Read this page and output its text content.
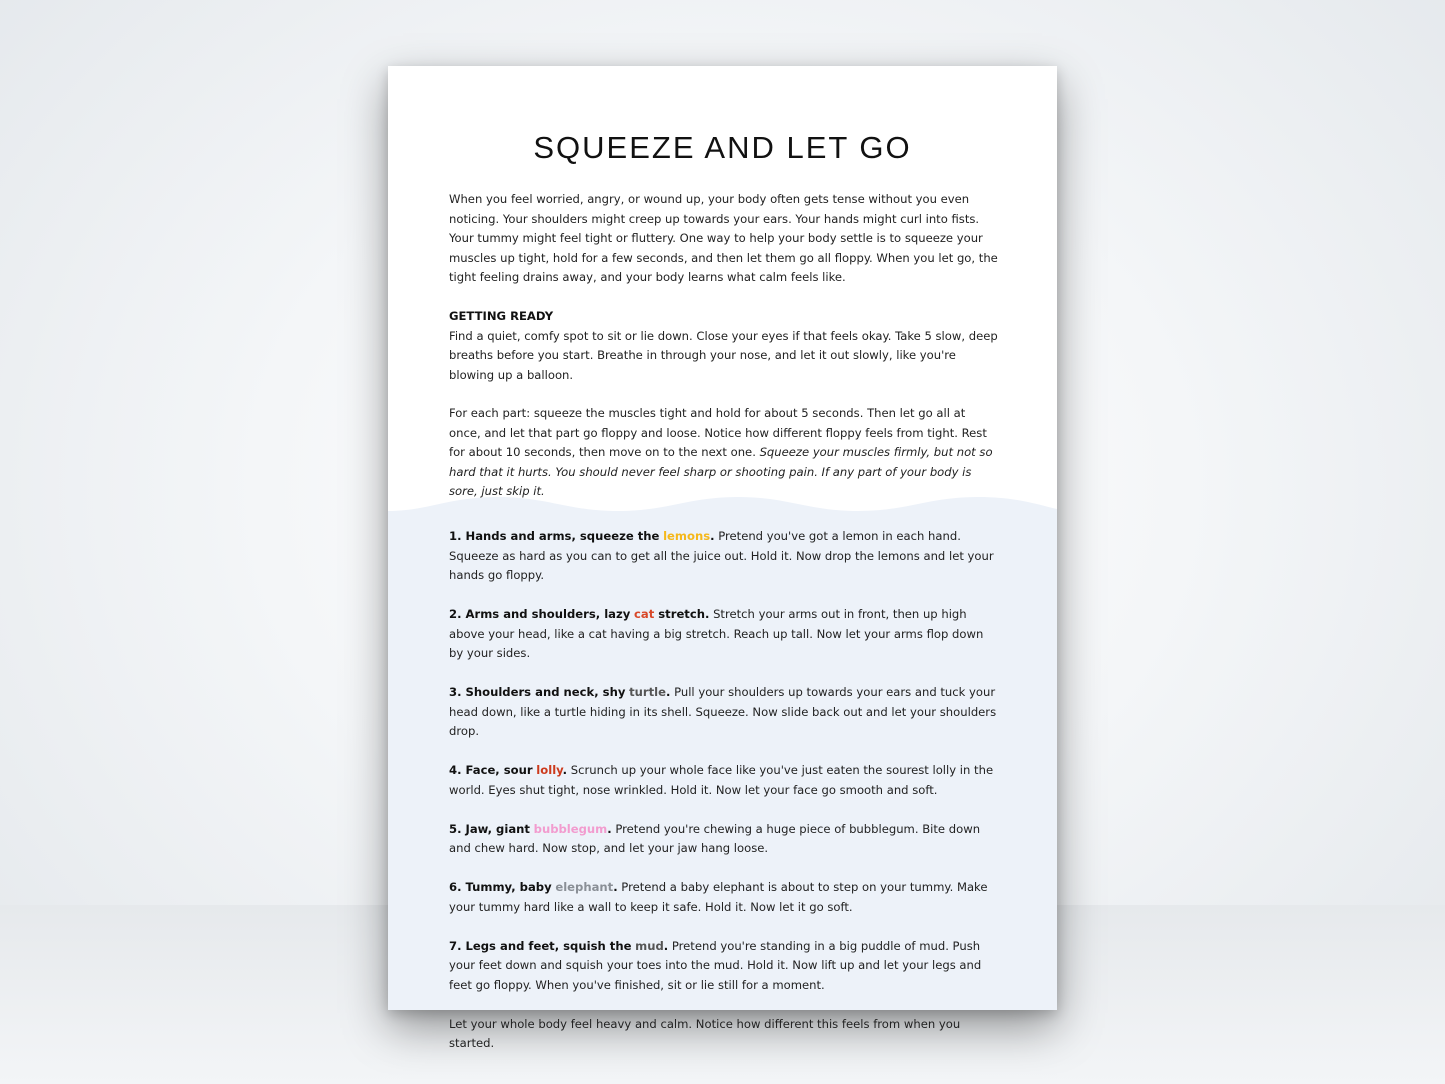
SQUEEZE AND LET GO

When you feel worried, angry, or wound up, your body often gets tense without you even noticing. Your shoulders might creep up towards your ears. Your hands might curl into fists. Your tummy might feel tight or fluttery. One way to help your body settle is to squeeze your muscles up tight, hold for a few seconds, and then let them go all floppy. When you let go, the tight feeling drains away, and your body learns what calm feels like.

GETTING READY

Find a quiet, comfy spot to sit or lie down. Close your eyes if that feels okay. Take 5 slow, deep breaths before you start. Breathe in through your nose, and let it out slowly, like you're blowing up a balloon.

For each part: squeeze the muscles tight and hold for about 5 seconds. Then let go all at once, and let that part go floppy and loose. Notice how different floppy feels from tight. Rest for about 10 seconds, then move on to the next one. Squeeze your muscles firmly, but not so hard that it hurts. You should never feel sharp or shooting pain. If any part of your body is sore, just skip it.

1. Hands and arms, squeeze the lemons. Pretend you've got a lemon in each hand. Squeeze as hard as you can to get all the juice out. Hold it. Now drop the lemons and let your hands go floppy.

2. Arms and shoulders, lazy cat stretch. Stretch your arms out in front, then up high above your head, like a cat having a big stretch. Reach up tall. Now let your arms flop down by your sides.

3. Shoulders and neck, shy turtle. Pull your shoulders up towards your ears and tuck your head down, like a turtle hiding in its shell. Squeeze. Now slide back out and let your shoulders drop.

4. Face, sour lolly. Scrunch up your whole face like you've just eaten the sourest lolly in the world. Eyes shut tight, nose wrinkled. Hold it. Now let your face go smooth and soft.

5. Jaw, giant bubblegum. Pretend you're chewing a huge piece of bubblegum. Bite down and chew hard. Now stop, and let your jaw hang loose.

6. Tummy, baby elephant. Pretend a baby elephant is about to step on your tummy. Make your tummy hard like a wall to keep it safe. Hold it. Now let it go soft.

7. Legs and feet, squish the mud. Pretend you're standing in a big puddle of mud. Push your feet down and squish your toes into the mud. Hold it. Now lift up and let your legs and feet go floppy. When you've finished, sit or lie still for a moment.

Let your whole body feel heavy and calm. Notice how different this feels from when you started.
